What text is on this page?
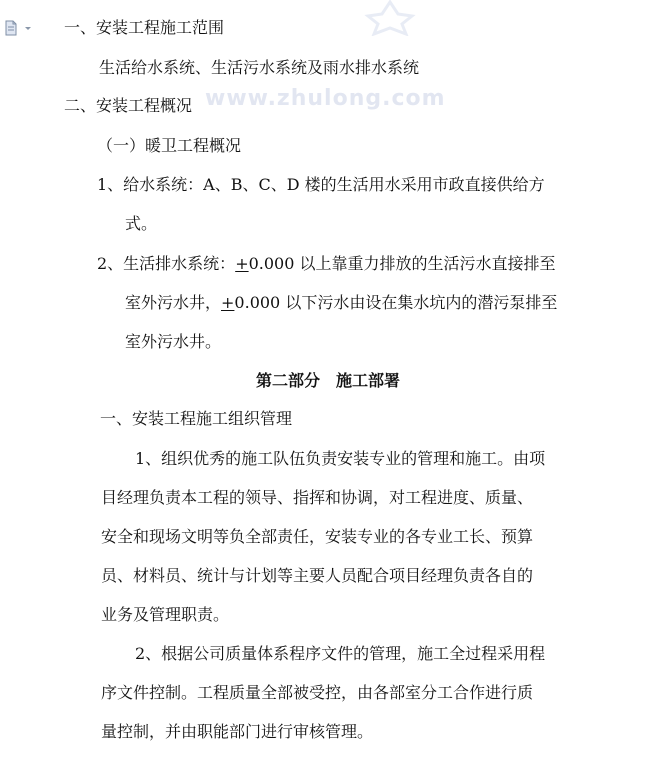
www.zhulong.com
一、安装工程施工范围
生活给水系统、生活污水系统及雨水排水系统
二、安装工程概况
（一）暖卫工程概况
1、给水系统：A、B、C、D 楼的生活用水采用市政直接供给方
式。
2、生活排水系统：+0.000 以上靠重力排放的生活污水直接排至
室外污水井，+0.000 以下污水由设在集水坑内的潜污泵排至
室外污水井。
第二部分　施工部署
一、安装工程施工组织管理
1、组织优秀的施工队伍负责安装专业的管理和施工。由项
目经理负责本工程的领导、指挥和协调，对工程进度、质量、
安全和现场文明等负全部责任，安装专业的各专业工长、预算
员、材料员、统计与计划等主要人员配合项目经理负责各自的
业务及管理职责。
2、根据公司质量体系程序文件的管理，施工全过程采用程
序文件控制。工程质量全部被受控，由各部室分工合作进行质
量控制，并由职能部门进行审核管理。
